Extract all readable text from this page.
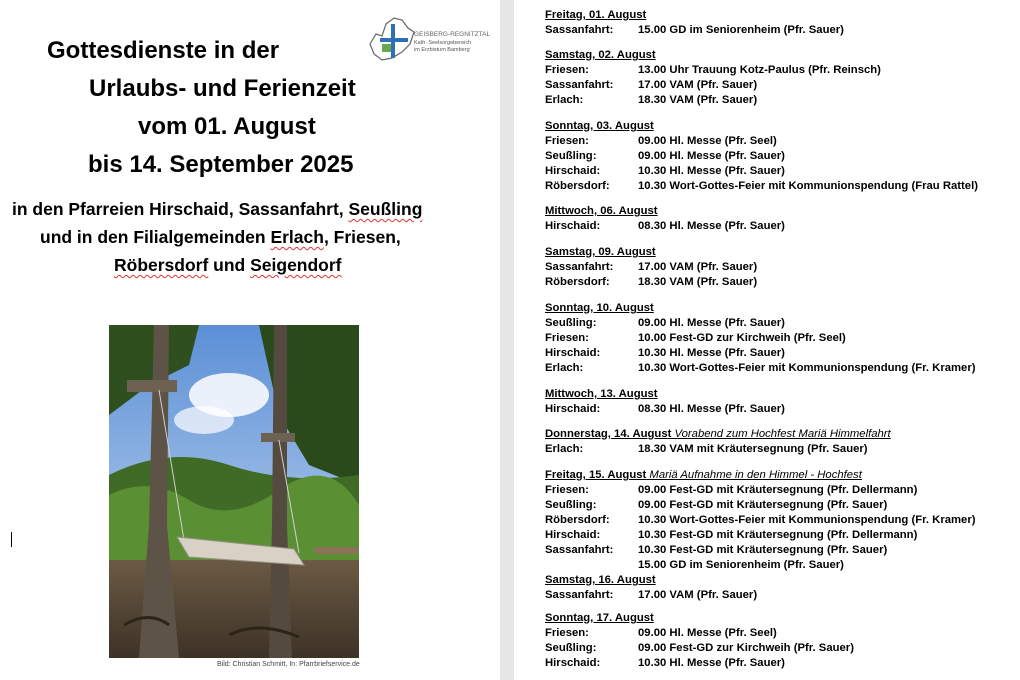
Gottesdienste in der
Urlaubs- und Ferienzeit
vom 01. August
bis 14. September 2025
in den Pfarreien Hirschaid, Sassanfahrt, Seußling
und in den Filialgemeinden Erlach, Friesen,
Röbersdorf und Seigendorf
GEISBERG-REGNITZTAL
Kath. Seelsorgebereich
im Erzbistum Bamberg
Bild: Christian Schmitt, In: Pfarrbriefservice.de
Freitag, 01. August
Sassanfahrt:	15.00 GD im Seniorenheim (Pfr. Sauer)
Samstag, 02. August
Friesen:	13.00 Uhr Trauung Kotz-Paulus (Pfr. Reinsch)
Sassanfahrt:	17.00 VAM (Pfr. Sauer)
Erlach:	18.30 VAM (Pfr. Sauer)
Sonntag, 03. August
Friesen:	09.00 Hl. Messe (Pfr. Seel)
Seußling:	09.00 Hl. Messe (Pfr. Sauer)
Hirschaid:	10.30 Hl. Messe (Pfr. Sauer)
Röbersdorf:	10.30 Wort-Gottes-Feier mit Kommunionspendung (Frau Rattel)
Mittwoch, 06. August
Hirschaid:	08.30 Hl. Messe (Pfr. Sauer)
Samstag, 09. August
Sassanfahrt:	17.00 VAM (Pfr. Sauer)
Röbersdorf:	18.30 VAM (Pfr. Sauer)
Sonntag, 10. August
Seußling:	09.00 Hl. Messe (Pfr. Sauer)
Friesen:	10.00 Fest-GD zur Kirchweih (Pfr. Seel)
Hirschaid:	10.30 Hl. Messe (Pfr. Sauer)
Erlach:	10.30 Wort-Gottes-Feier mit Kommunionspendung (Fr. Kramer)
Mittwoch, 13. August
Hirschaid:	08.30 Hl. Messe (Pfr. Sauer)
Donnerstag, 14. August Vorabend zum Hochfest Mariä Himmelfahrt
Erlach:	18.30 VAM mit Kräutersegnung (Pfr. Sauer)
Freitag, 15. August Mariä Aufnahme in den Himmel - Hochfest
Friesen:	09.00 Fest-GD mit Kräutersegnung (Pfr. Dellermann)
Seußling:	09.00 Fest-GD mit Kräutersegnung (Pfr. Sauer)
Röbersdorf:	10.30 Wort-Gottes-Feier mit Kommunionspendung (Fr. Kramer)
Hirschaid:	10.30 Fest-GD mit Kräutersegnung (Pfr. Dellermann)
Sassanfahrt:	10.30 Fest-GD mit Kräutersegnung (Pfr. Sauer)
15.00 GD im Seniorenheim (Pfr. Sauer)
Samstag, 16. August
Sassanfahrt:	17.00 VAM (Pfr. Sauer)
Sonntag, 17. August
Friesen:	09.00 Hl. Messe (Pfr. Seel)
Seußling:	09.00 Fest-GD zur Kirchweih (Pfr. Sauer)
Hirschaid:	10.30 Hl. Messe (Pfr. Sauer)
